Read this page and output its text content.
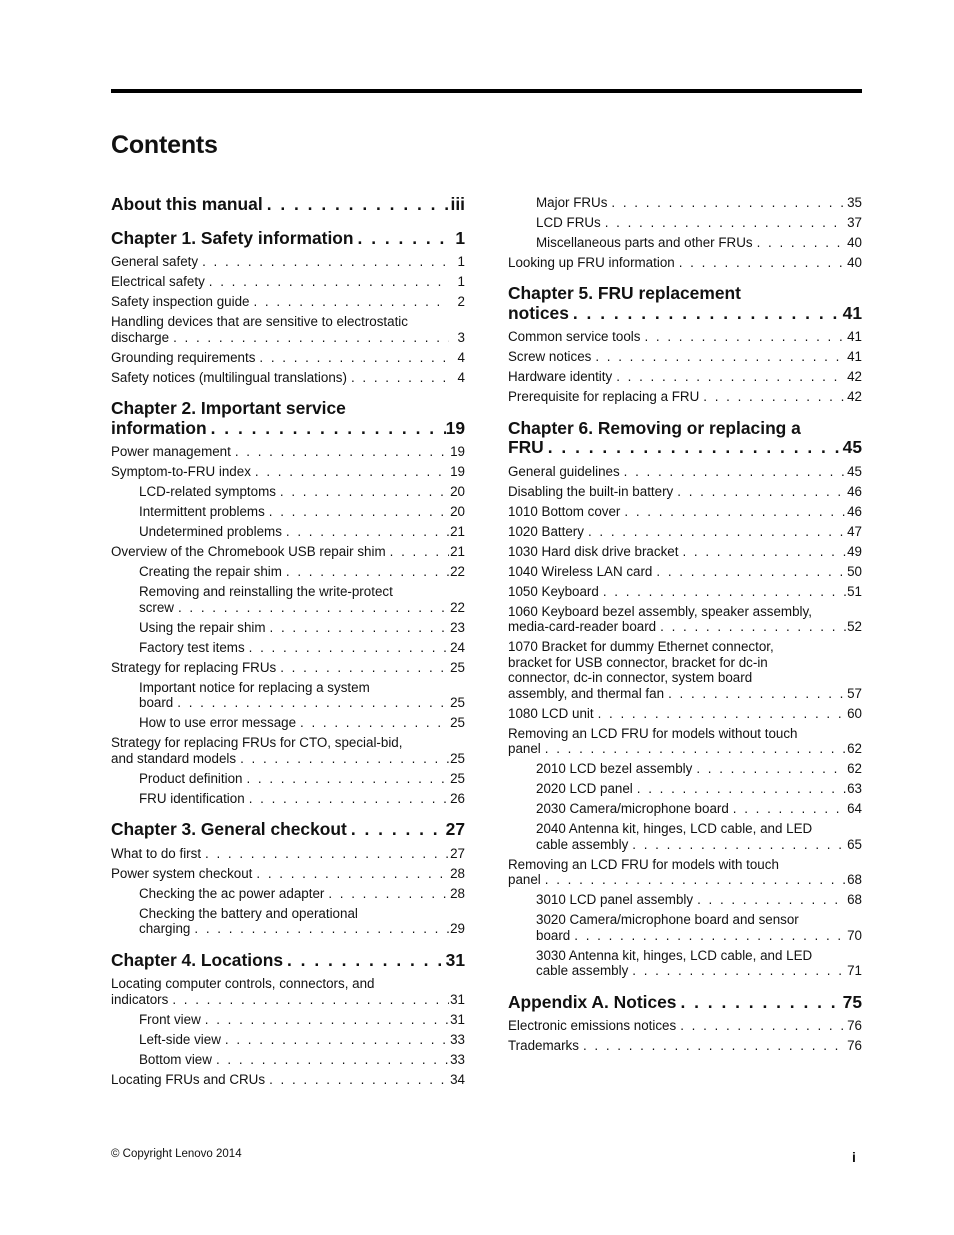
Contents
About this manual . . .	iii
Chapter 1. Safety information . . .	1
General safety . . .	1
Electrical safety . . .	1
Safety inspection guide . . .	2
Handling devices that are sensitive to electrostatic
discharge . . .	3
Grounding requirements . . .	4
Safety notices (multilingual translations) . . .	4
Chapter 2. Important service
information . . .	19
Power management . . .	19
Symptom-to-FRU index . . .	19
LCD-related symptoms . . .	20
Intermittent problems . . .	20
Undetermined problems . . .	21
Overview of the Chromebook USB repair shim . . .	21
Creating the repair shim . . .	22
Removing and reinstalling the write-protect
screw . . .	22
Using the repair shim . . .	23
Factory test items . . .	24
Strategy for replacing FRUs . . .	25
Important notice for replacing a system
board . . .	25
How to use error message . . .	25
Strategy for replacing FRUs for CTO, special-bid,
and standard models . . .	25
Product definition . . .	25
FRU identification . . .	26
Chapter 3. General checkout . . .	27
What to do first . . .	27
Power system checkout . . .	28
Checking the ac power adapter . . .	28
Checking the battery and operational
charging . . .	29
Chapter 4. Locations . . .	31
Locating computer controls, connectors, and
indicators . . .	31
Front view . . .	31
Left-side view . . .	33
Bottom view . . .	33
Locating FRUs and CRUs . . .	34
Major FRUs . . .	35
LCD FRUs . . .	37
Miscellaneous parts and other FRUs . . .	40
Looking up FRU information . . .	40
Chapter 5. FRU replacement
notices . . .	41
Common service tools . . .	41
Screw notices . . .	41
Hardware identity . . .	42
Prerequisite for replacing a FRU . . .	42
Chapter 6. Removing or replacing a
FRU . . .	45
General guidelines . . .	45
Disabling the built-in battery . . .	46
1010 Bottom cover . . .	46
1020 Battery . . .	47
1030 Hard disk drive bracket . . .	49
1040 Wireless LAN card . . .	50
1050 Keyboard . . .	51
1060 Keyboard bezel assembly, speaker assembly,
media-card-reader board . . .	52
1070 Bracket for dummy Ethernet connector,
bracket for USB connector, bracket for dc-in
connector, dc-in connector, system board
assembly, and thermal fan . . .	57
1080 LCD unit . . .	60
Removing an LCD FRU for models without touch
panel . . .	62
2010 LCD bezel assembly . . .	62
2020 LCD panel . . .	63
2030 Camera/microphone board . . .	64
2040 Antenna kit, hinges, LCD cable, and LED
cable assembly . . .	65
Removing an LCD FRU for models with touch
panel . . .	68
3010 LCD panel assembly . . .	68
3020 Camera/microphone board and sensor
board . . .	70
3030 Antenna kit, hinges, LCD cable, and LED
cable assembly . . .	71
Appendix A. Notices . . .	75
Electronic emissions notices . . .	76
Trademarks . . .	76
© Copyright Lenovo 2014	i
